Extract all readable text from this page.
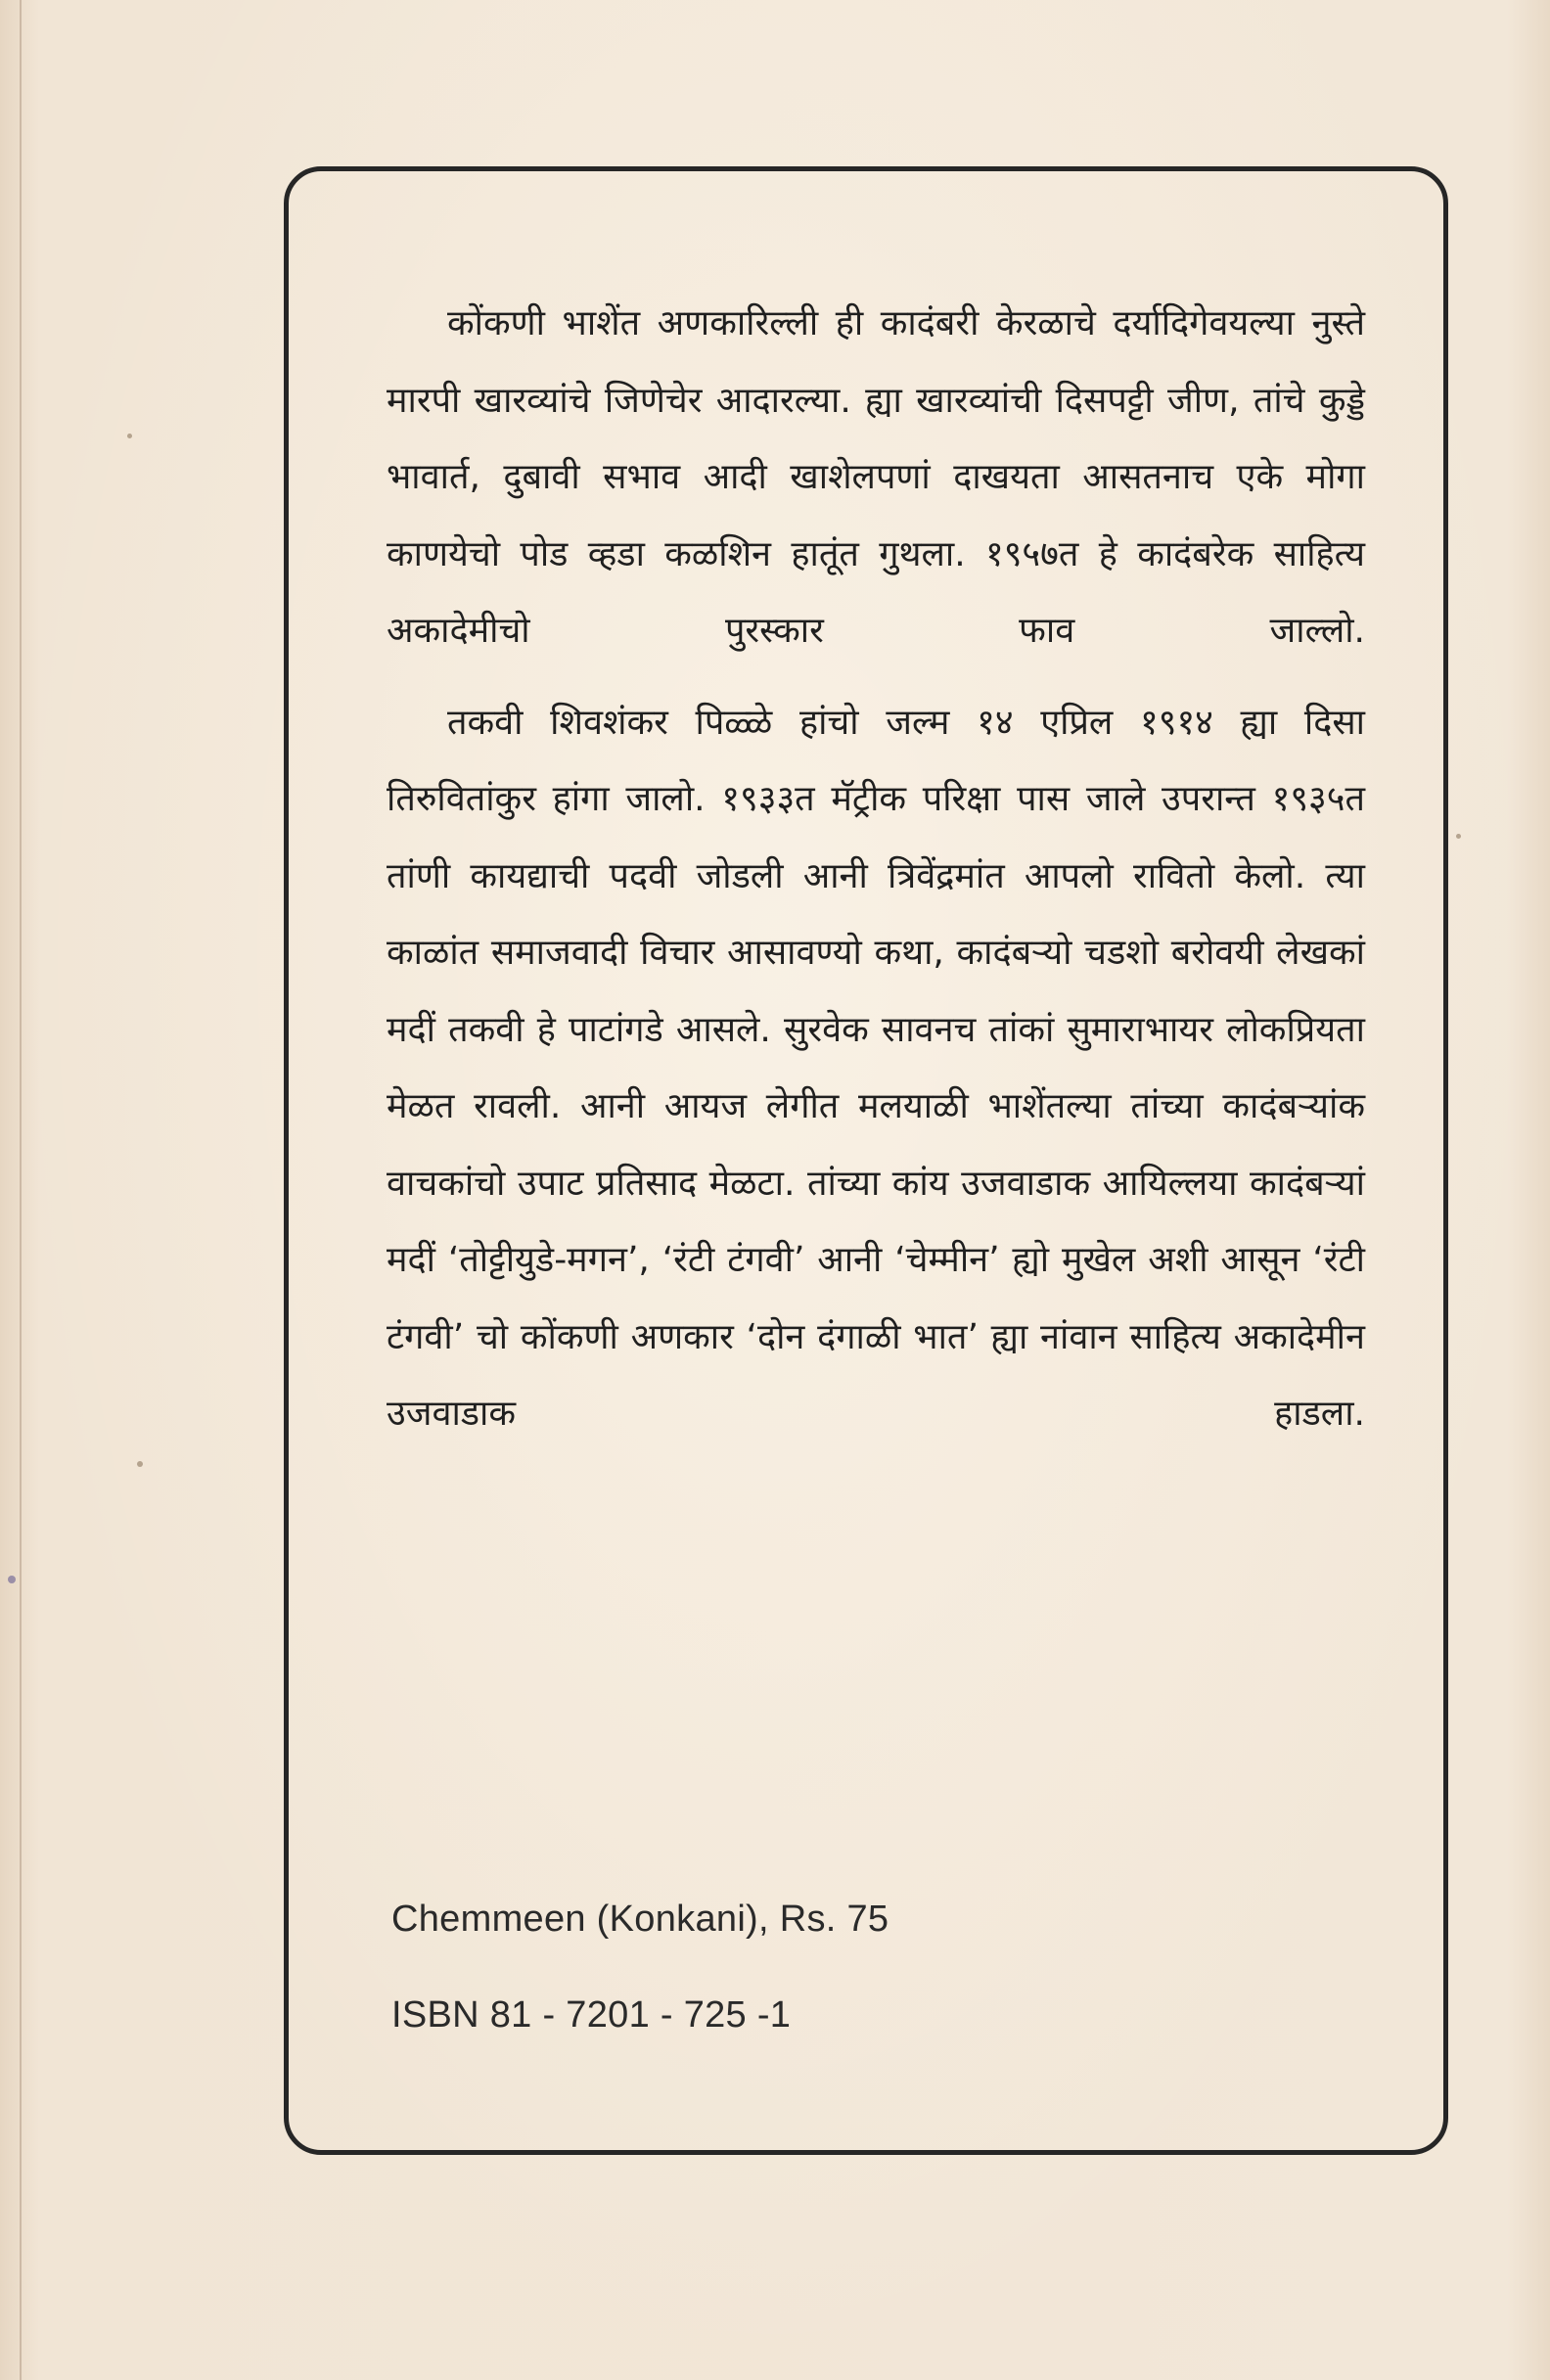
कोंकणी भाशेंत अणकारिल्ली ही कादंबरी केरळाचे दर्यादिगेवयल्या नुस्ते मारपी खारव्यांचे जिणेचेर आदारल्या. ह्या खारव्यांची दिसपट्टी जीण, तांचे कुड्डे भावार्त, दुबावी सभाव आदी खाशेलपणां दाखयता आसतनाच एके मोगा काणयेचो पोड व्हडा कळशिन हातूंत गुथला. १९५७त हे कादंबरेक साहित्य अकादेमीचो पुरस्कार फाव जाल्लो.

तकवी शिवशंकर पिळ्ळे हांचो जल्म १४ एप्रिल १९१४ ह्या दिसा तिरुवितांकुर हांगा जालो. १९३३त मॅट्रीक परिक्षा पास जाले उपरान्त १९३५त तांणी कायद्याची पदवी जोडली आनी त्रिवेंद्रमांत आपलो रावितो केलो. त्या काळांत समाजवादी विचार आसावण्यो कथा, कादंबऱ्यो चडशो बरोवयी लेखकां मदीं तकवी हे पाटांगडे आसले. सुरवेक सावनच तांकां सुमाराभायर लोकप्रियता मेळत रावली. आनी आयज लेगीत मलयाळी भाशेंतल्या तांच्या कादंबऱ्यांक वाचकांचो उपाट प्रतिसाद मेळटा. तांच्या कांय उजवाडाक आयिल्लया कादंबऱ्यां मदीं ‘तोट्टीयुडे-मगन’, ‘रंटी टंगवी’ आनी ‘चेम्मीन’ ह्यो मुखेल अशी आसून ‘रंटी टंगवी’ चो कोंकणी अणकार ‘दोन दंगाळी भात’ ह्या नांवान साहित्य अकादेमीन उजवाडाक हाडला.

Chemmeen (Konkani), Rs. 75
ISBN 81 - 7201 - 725 -1
